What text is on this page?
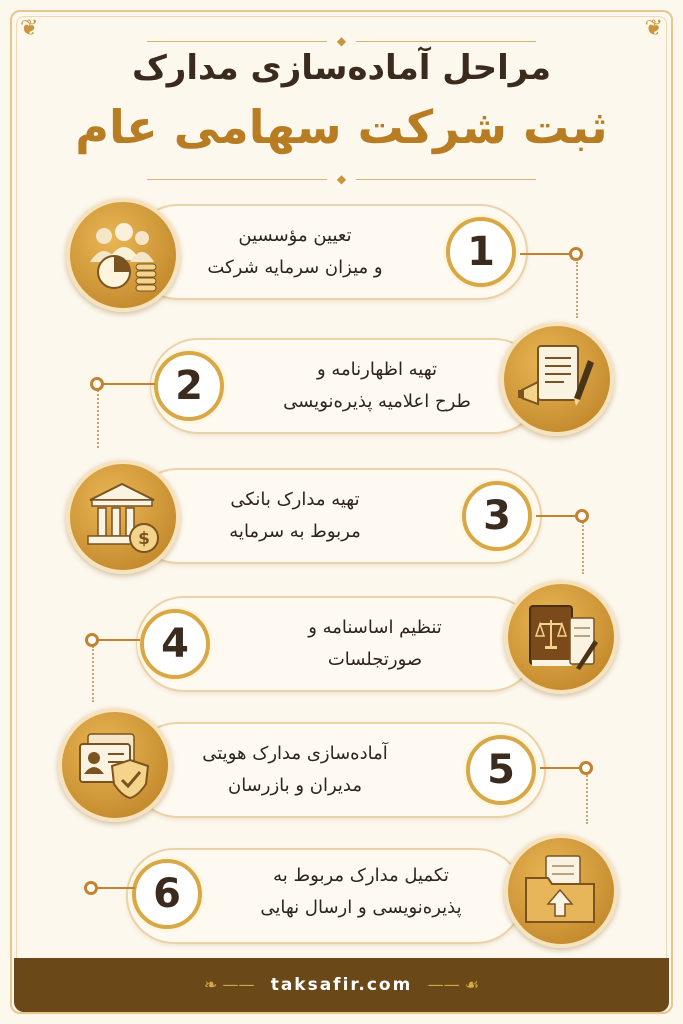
❦	❦
◆
مراحل آماده‌سازی مدارک
ثبت شرکت سهامی عام
◆
تعیین مؤسسین
و میزان سرمایه شرکت	1
تهیه اظهارنامه و
طرح اعلامیه پذیره‌نویسی
2
تهیه مدارک بانکی
مربوط به سرمایه	3
$
تنظیم اساسنامه و
صورتجلسات
4
آماده‌سازی مدارک هویتی
مدیران و بازرسان	5
تکمیل مدارک مربوط به
پذیره‌نویسی و ارسال نهایی
6
❧ ——	—— ☙
taksafir.com
